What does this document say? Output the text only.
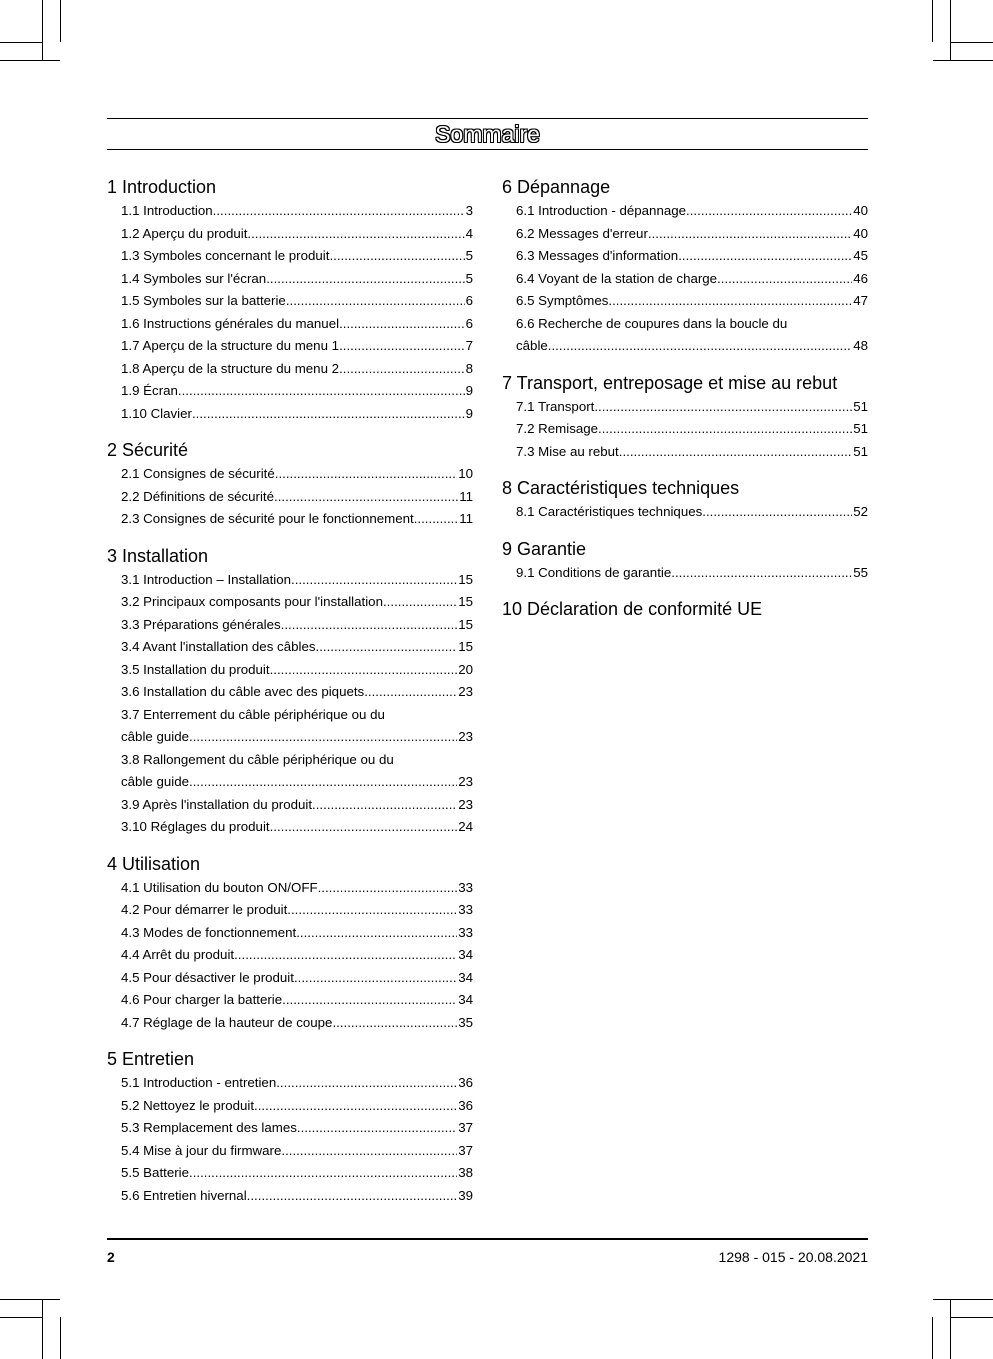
Sommaire
1 Introduction
1.1 Introduction .....	3
1.2 Aperçu du produit .....	4
1.3 Symboles concernant le produit .....	5
1.4 Symboles sur l'écran .....	5
1.5 Symboles sur la batterie .....	6
1.6 Instructions générales du manuel .....	6
1.7 Aperçu de la structure du menu 1 .....	7
1.8 Aperçu de la structure du menu 2 .....	8
1.9 Écran .....	9
1.10 Clavier .....	9
2 Sécurité
2.1 Consignes de sécurité .....	10
2.2 Définitions de sécurité .....	11
2.3 Consignes de sécurité pour le fonctionnement .....	11
3 Installation
3.1 Introduction – Installation .....	15
3.2 Principaux composants pour l'installation .....	15
3.3 Préparations générales .....	15
3.4 Avant l'installation des câbles .....	15
3.5 Installation du produit .....	20
3.6 Installation du câble avec des piquets .....	23
3.7 Enterrement du câble périphérique ou du
câble guide .....	23
3.8 Rallongement du câble périphérique ou du
câble guide .....	23
3.9 Après l'installation du produit .....	23
3.10 Réglages du produit .....	24
4 Utilisation
4.1 Utilisation du bouton ON/OFF .....	33
4.2 Pour démarrer le produit .....	33
4.3 Modes de fonctionnement .....	33
4.4 Arrêt du produit .....	34
4.5 Pour désactiver le produit .....	34
4.6 Pour charger la batterie .....	34
4.7 Réglage de la hauteur de coupe .....	35
5 Entretien
5.1 Introduction - entretien .....	36
5.2 Nettoyez le produit .....	36
5.3 Remplacement des lames .....	37
5.4 Mise à jour du firmware .....	37
5.5 Batterie .....	38
5.6 Entretien hivernal .....	39
6 Dépannage
6.1 Introduction - dépannage .....	40
6.2 Messages d'erreur .....	40
6.3 Messages d'information .....	45
6.4 Voyant de la station de charge .....	46
6.5 Symptômes .....	47
6.6 Recherche de coupures dans la boucle du
câble .....	48
7 Transport, entreposage et mise au rebut
7.1 Transport .....	51
7.2 Remisage .....	51
7.3 Mise au rebut .....	51
8 Caractéristiques techniques
8.1 Caractéristiques techniques .....	52
9 Garantie
9.1 Conditions de garantie .....	55
10 Déclaration de conformité UE
2	1298 - 015 - 20.08.2021
